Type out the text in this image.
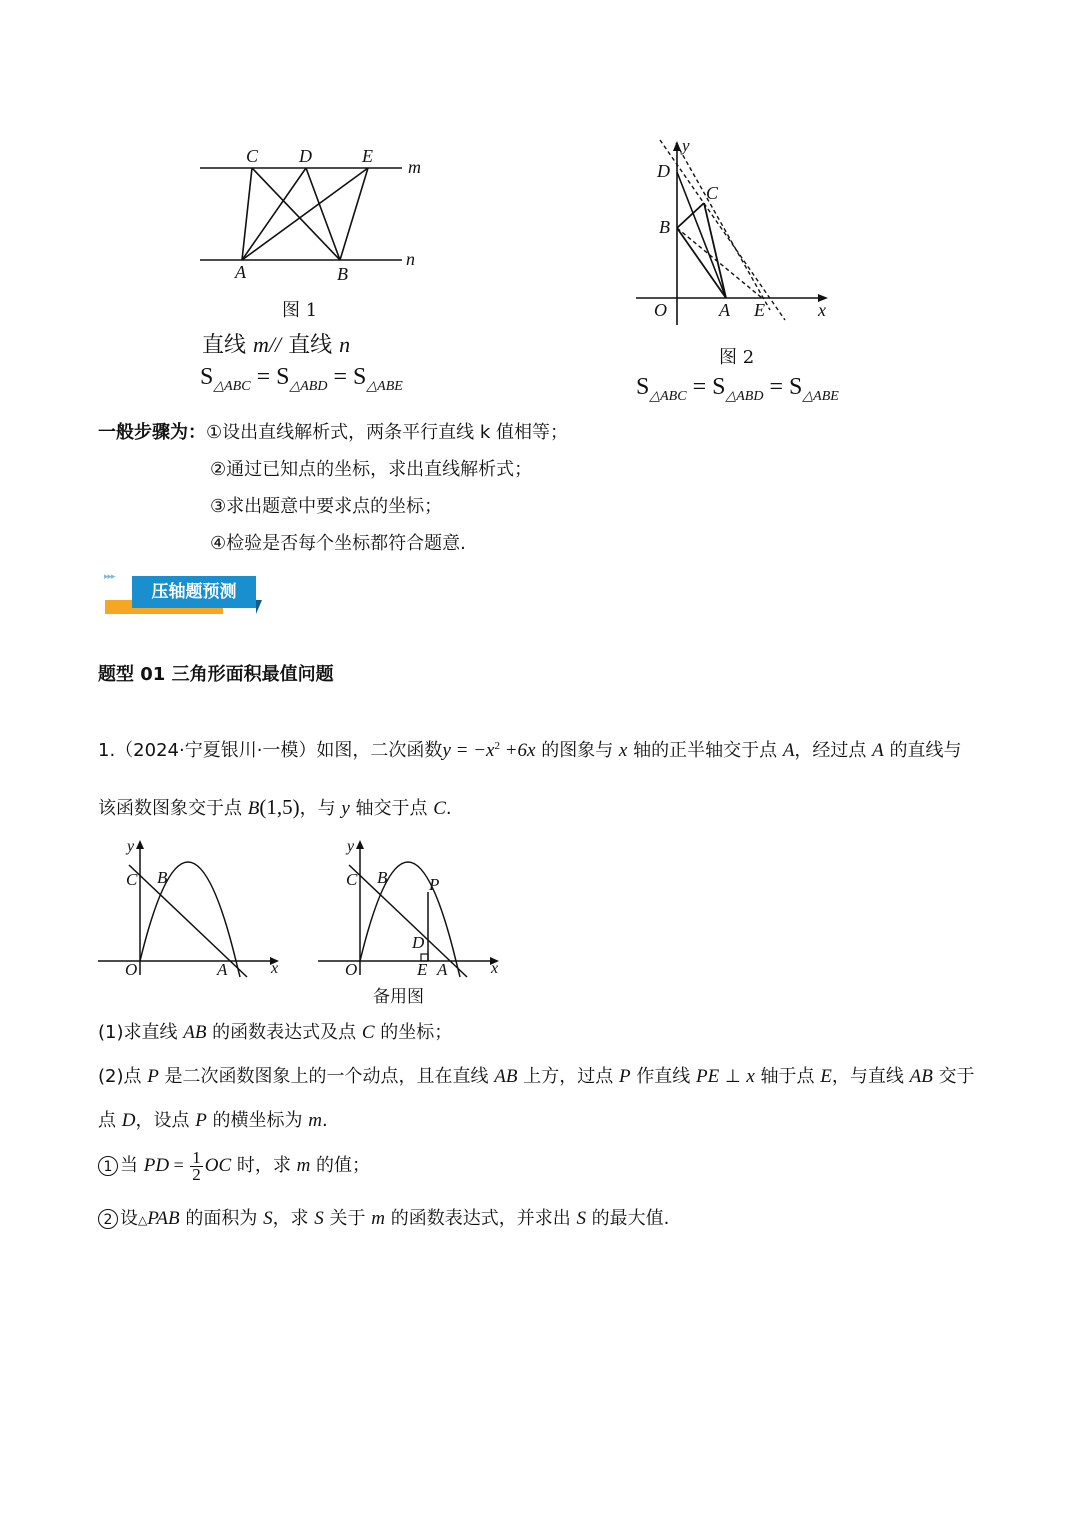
C D	E
m
A	B
n
图 1
直线 m// 直线 n
$S_{\triangle ABC} = S_{\triangle ABD} = S_{\triangle ABE}$
y
D
C
B
O	A E	x
图 2
$S_{\triangle ABC} = S_{\triangle ABD} = S_{\triangle ABE}$
一般步骤为：①设出直线解析式，两条平行直线 k 值相等；
②通过已知点的坐标，求出直线解析式；
③求出题意中要求点的坐标；
④检验是否每个坐标都符合题意.
▸▸▸
压轴题预测
题型 01 三角形面积最值问题
1.（2024·宁夏银川·一模）如图，二次函数$y = -x^2 +6x$ 的图象与 x 轴的正半轴交于点 A，经过点 A 的直线与
该函数图象交于点 B(1,5)，与 y 轴交于点 C.
y
C B
O	A	x
y
C B P
D
O	E A	x
备用图
(1)求直线 AB 的函数表达式及点 C 的坐标；
(2)点 P 是二次函数图象上的一个动点，且在直线 AB 上方，过点 P 作直线 PE ⊥ x 轴于点 E，与直线 AB 交于
点 D，设点 P 的横坐标为 m.
1 当 PD = $\frac{1}{2}$ OC 时，求 m 的值；
2 设△PAB 的面积为 S，求 S 关于 m 的函数表达式，并求出 S 的最大值.
